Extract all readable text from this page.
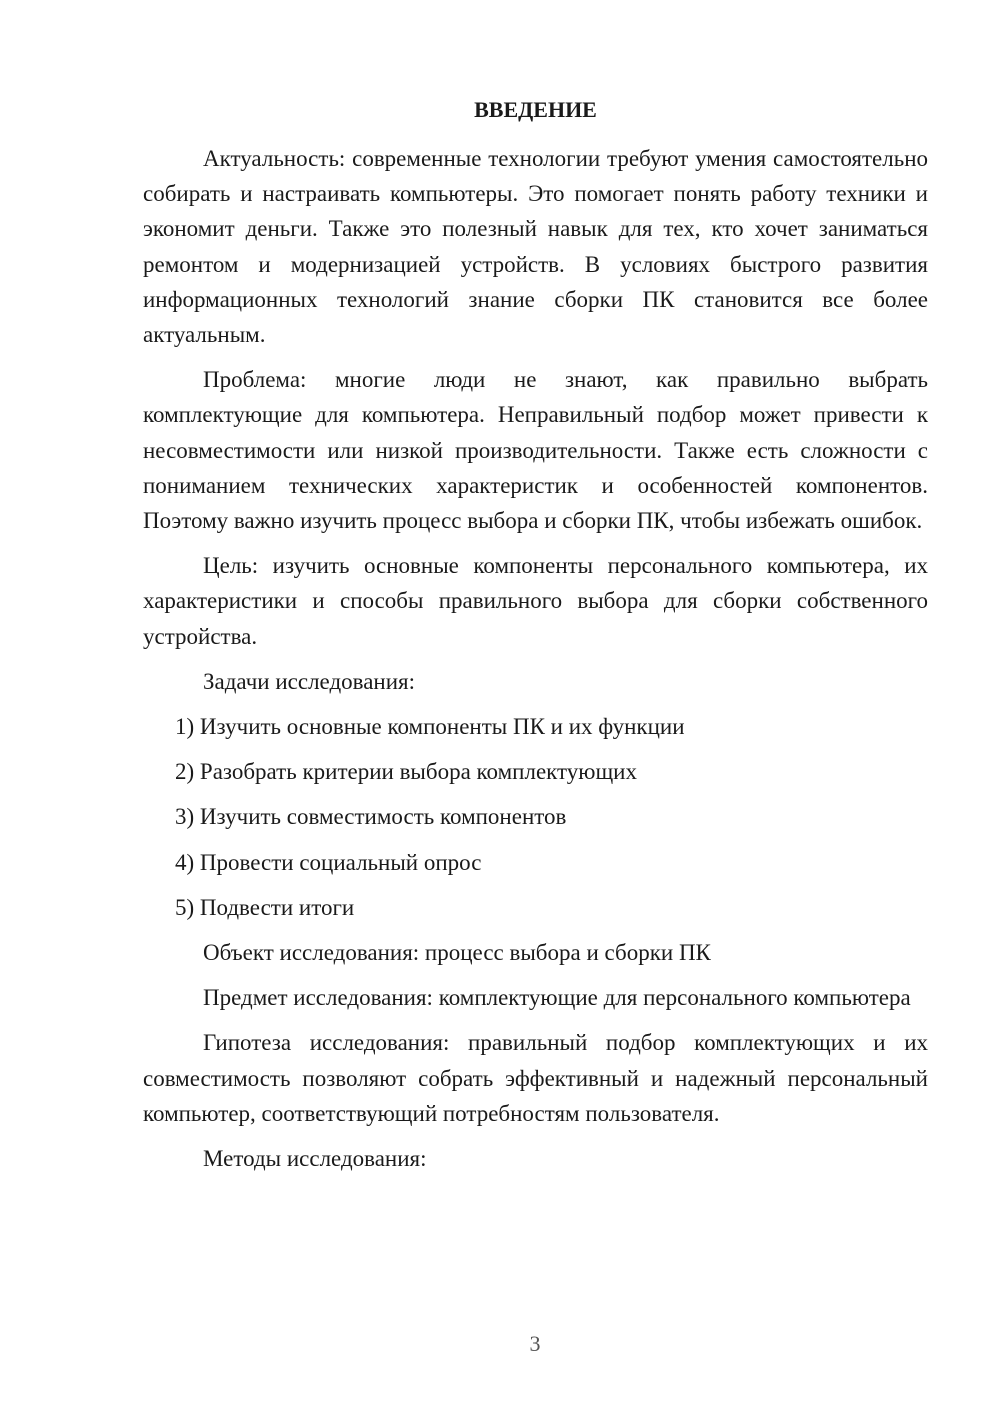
ВВЕДЕНИЕ

Актуальность: современные технологии требуют умения самостоятельно собирать и настраивать компьютеры. Это помогает понять работу техники и экономит деньги. Также это полезный навык для тех, кто хочет заниматься ремонтом и модернизацией устройств. В условиях быстрого развития информационных технологий знание сборки ПК становится все более актуальным.

Проблема: многие люди не знают, как правильно выбрать комплектующие для компьютера. Неправильный подбор может привести к несовместимости или низкой производительности. Также есть сложности с пониманием технических характеристик и особенностей компонентов. Поэтому важно изучить процесс выбора и сборки ПК, чтобы избежать ошибок.

Цель: изучить основные компоненты персонального компьютера, их характеристики и способы правильного выбора для сборки собственного устройства.

Задачи исследования:

1) Изучить основные компоненты ПК и их функции
2) Разобрать критерии выбора комплектующих
3) Изучить совместимость компонентов
4) Провести социальный опрос
5) Подвести итоги

Объект исследования: процесс выбора и сборки ПК

Предмет исследования: комплектующие для персонального компьютера

Гипотеза исследования: правильный подбор комплектующих и их совместимость позволяют собрать эффективный и надежный персональный компьютер, соответствующий потребностям пользователя.

Методы исследования:

3
